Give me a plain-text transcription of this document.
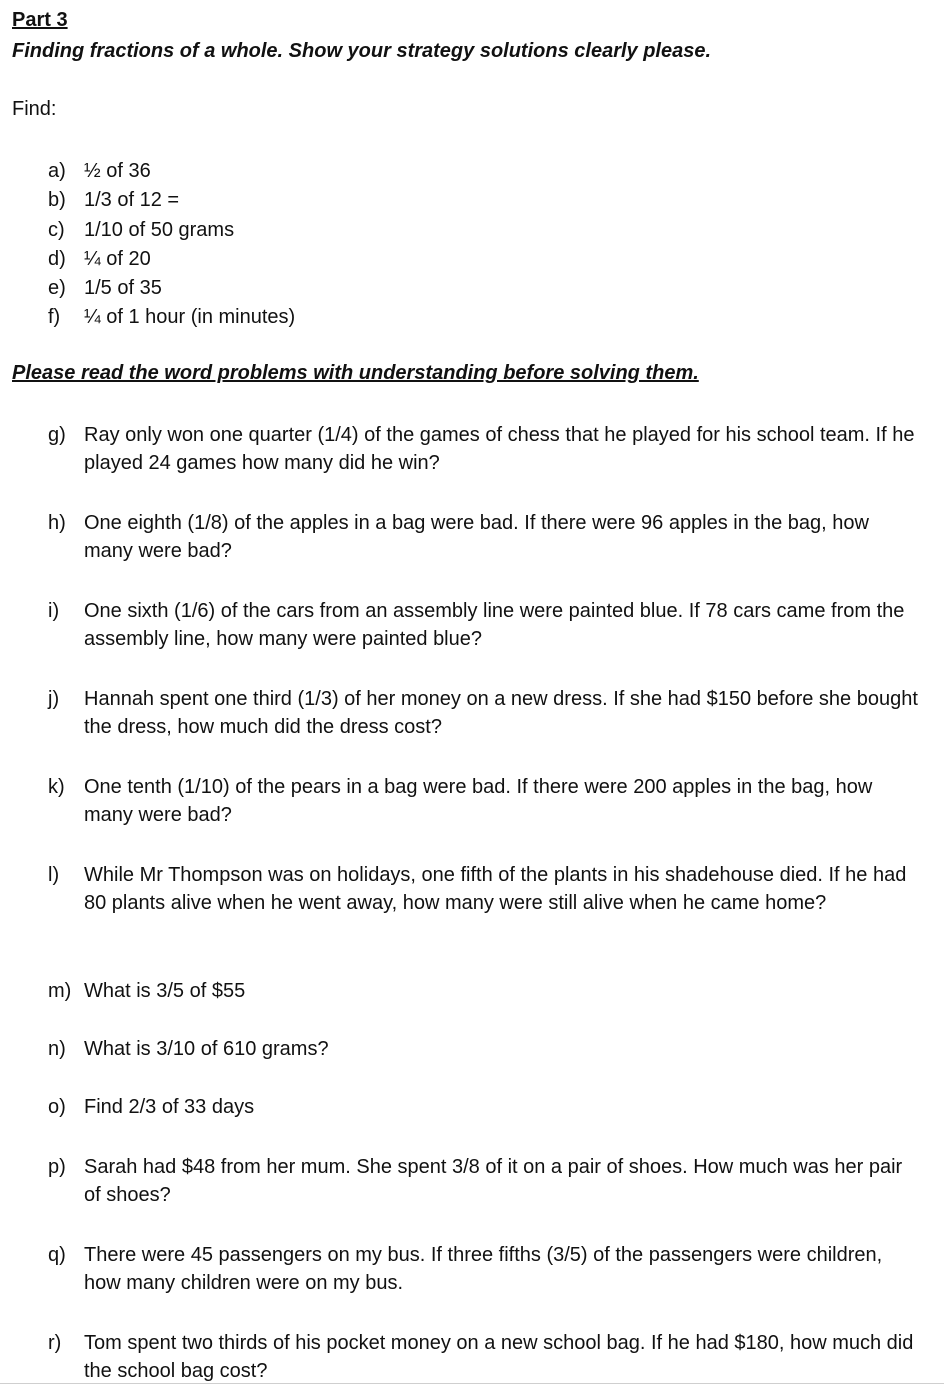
Part 3
Finding fractions of a whole. Show your strategy solutions clearly please.
Find:
a) ½ of 36
b) 1/3 of 12 =
c) 1/10 of 50 grams
d) ¼ of 20
e) 1/5 of 35
f) ¼ of 1 hour (in minutes)
Please read the word problems with understanding before solving them.
g) Ray only won one quarter (1/4) of the games of chess that he played for his school team. If he played 24 games how many did he win?
h) One eighth (1/8) of the apples in a bag were bad. If there were 96 apples in the bag, how many were bad?
i) One sixth (1/6) of the cars from an assembly line were painted blue. If 78 cars came from the assembly line, how many were painted blue?
j) Hannah spent one third (1/3) of her money on a new dress. If she had $150 before she bought the dress, how much did the dress cost?
k) One tenth (1/10) of the pears in a bag were bad. If there were 200 apples in the bag, how many were bad?
l) While Mr Thompson was on holidays, one fifth of the plants in his shadehouse died. If he had 80 plants alive when he went away, how many were still alive when he came home?
m) What is 3/5 of $55
n) What is 3/10 of 610 grams?
o) Find 2/3 of 33 days
p) Sarah had $48 from her mum. She spent 3/8 of it on a pair of shoes. How much was her pair of shoes?
q) There were 45 passengers on my bus. If three fifths (3/5) of the passengers were children, how many children were on my bus.
r) Tom spent two thirds of his pocket money on a new school bag. If he had $180, how much did the school bag cost?
